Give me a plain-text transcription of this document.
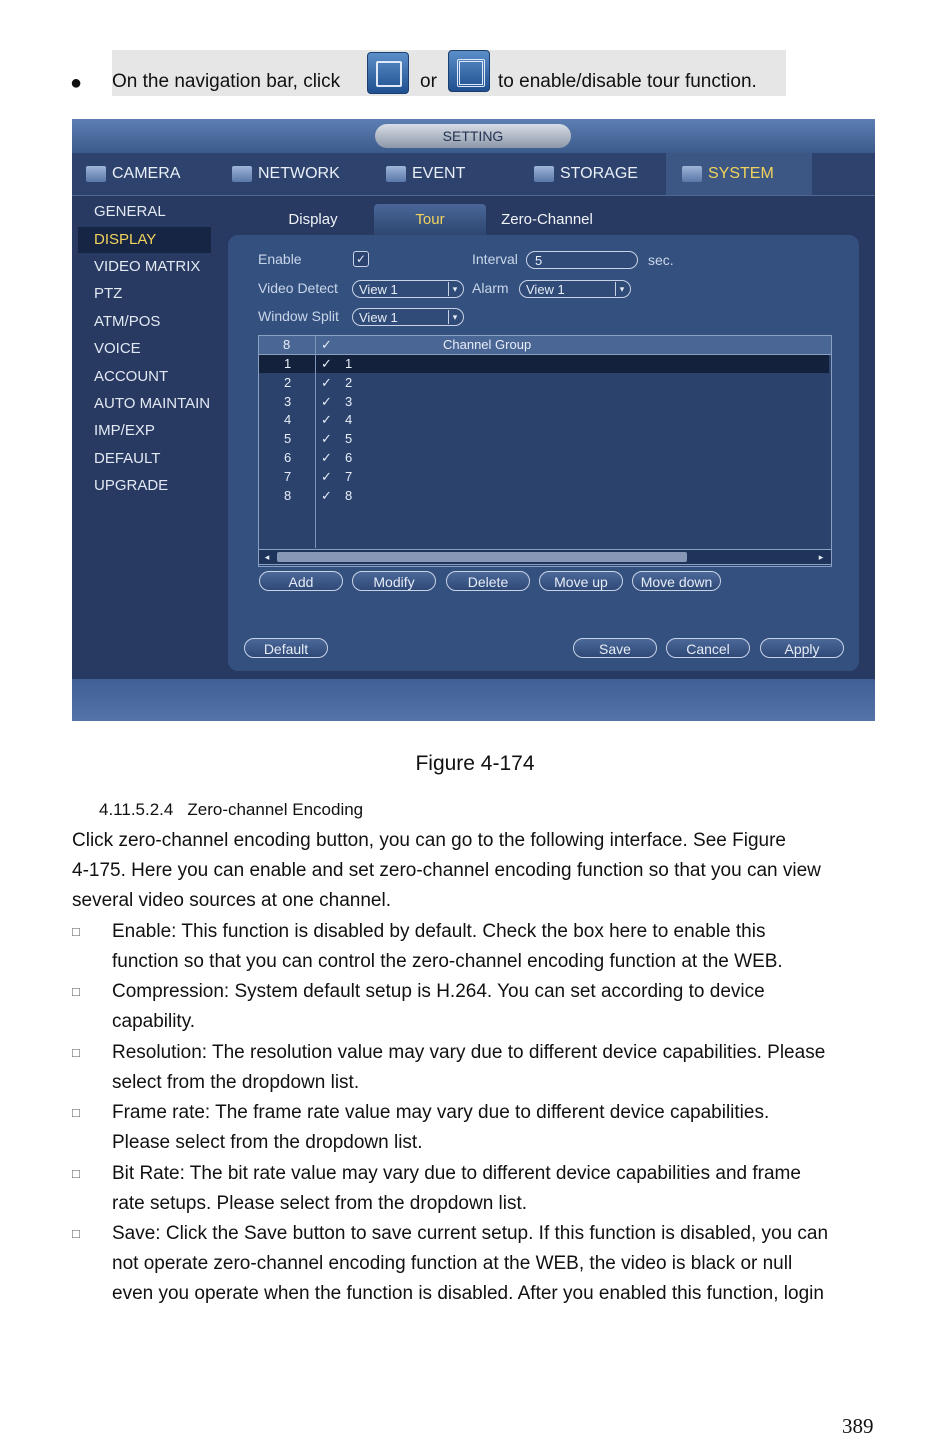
● On the navigation bar, click	or	to enable/disable tour function.
SETTING
CAMERA	NETWORK	EVENT	STORAGE	SYSTEM
GENERAL
DISPLAY
VIDEO MATRIX
PTZ
ATM/POS
VOICE
ACCOUNT
AUTO MAINTAIN
IMP/EXP
DEFAULT
UPGRADE
Display	Tour	Zero-Channel
Enable	✓	Interval	5	sec.
Video Detect	View 1	▾ Alarm	View 1	▾
Window Split	View 1	▾
8 ✓	Channel Group
1 ✓ 1
2 ✓ 2
3 ✓ 3
4 ✓ 4
5 ✓ 5
6 ✓ 6
7 ✓ 7
8 ✓ 8
◂	▸
Add	Modify	Delete	Move up	Move down
Default	Save	Cancel	Apply
Figure 4-174
4.11.5.2.4 Zero-channel Encoding
Click zero-channel encoding button, you can go to the following interface. See Figure
4-175. Here you can enable and set zero-channel encoding function so that you can view
several video sources at one channel.
□ Enable: This function is disabled by default. Check the box here to enable this
function so that you can control the zero-channel encoding function at the WEB.
□ Compression: System default setup is H.264. You can set according to device
capability.
□ Resolution: The resolution value may vary due to different device capabilities. Please
select from the dropdown list.
□ Frame rate: The frame rate value may vary due to different device capabilities.
Please select from the dropdown list.
□ Bit Rate: The bit rate value may vary due to different device capabilities and frame
rate setups. Please select from the dropdown list.
□ Save: Click the Save button to save current setup. If this function is disabled, you can
not operate zero-channel encoding function at the WEB, the video is black or null
even you operate when the function is disabled. After you enabled this function, login
389
